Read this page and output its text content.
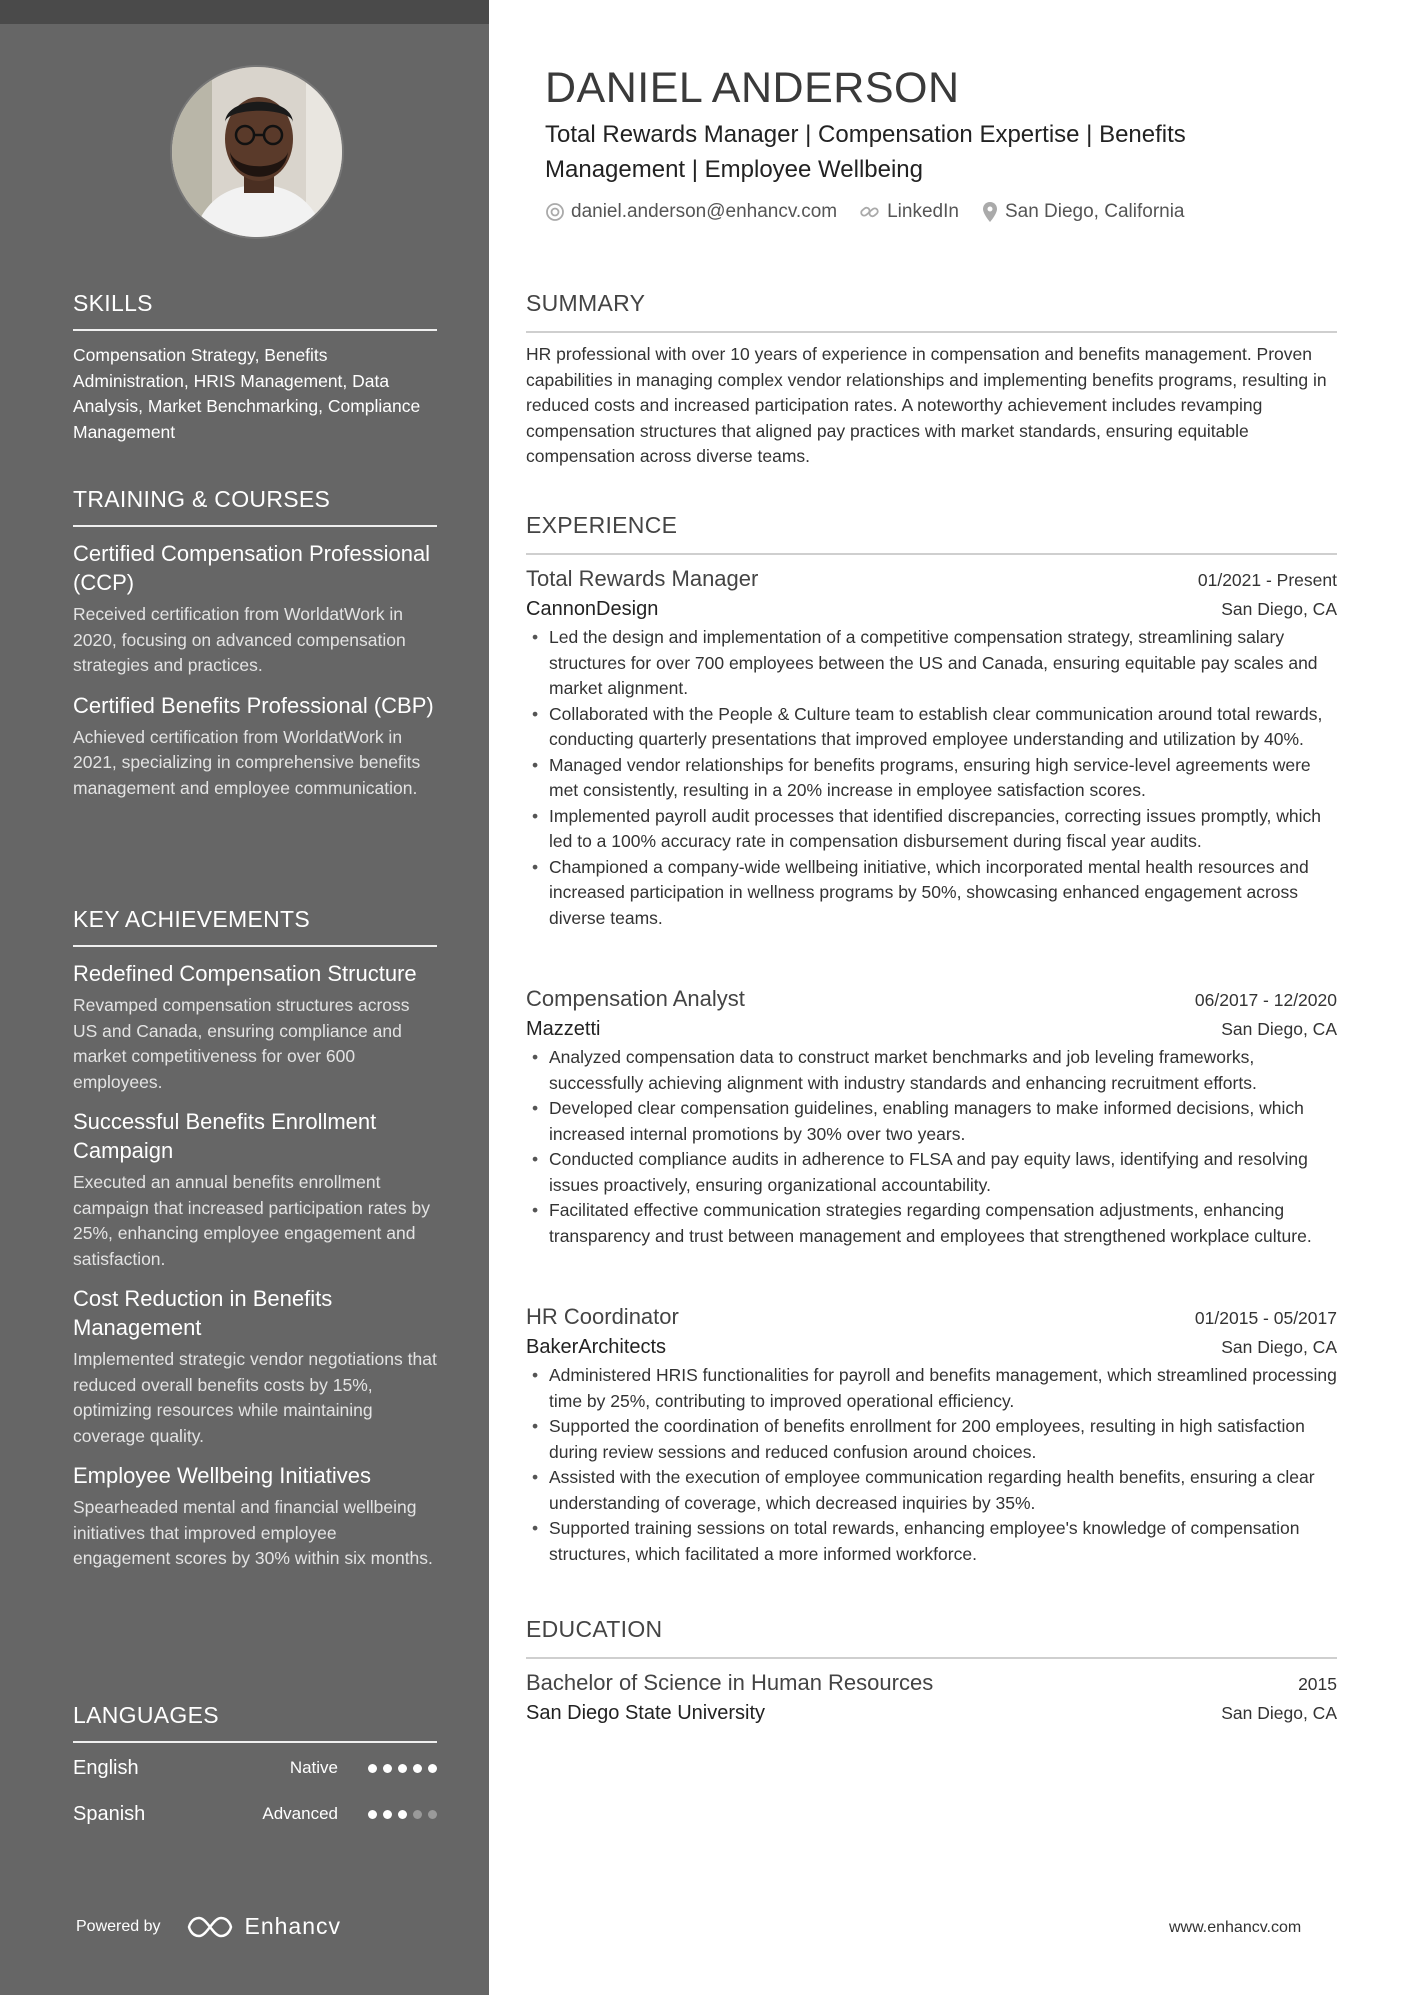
SKILLS
Compensation Strategy, Benefits Administration, HRIS Management, Data Analysis, Market Benchmarking, Compliance Management
TRAINING & COURSES
Certified Compensation Professional (CCP)
Received certification from WorldatWork in 2020, focusing on advanced compensation strategies and practices.
Certified Benefits Professional (CBP)
Achieved certification from WorldatWork in 2021, specializing in comprehensive benefits management and employee communication.
KEY ACHIEVEMENTS
Redefined Compensation Structure
Revamped compensation structures across US and Canada, ensuring compliance and market competitiveness for over 600 employees.
Successful Benefits Enrollment Campaign
Executed an annual benefits enrollment campaign that increased participation rates by 25%, enhancing employee engagement and satisfaction.
Cost Reduction in Benefits Management
Implemented strategic vendor negotiations that reduced overall benefits costs by 15%, optimizing resources while maintaining coverage quality.
Employee Wellbeing Initiatives
Spearheaded mental and financial wellbeing initiatives that improved employee engagement scores by 30% within six months.
LANGUAGES
English	Native
Spanish	Advanced
Powered by	Enhancv
DANIEL ANDERSON
Total Rewards Manager | Compensation Expertise | Benefits Management | Employee Wellbeing
daniel.anderson@enhancv.com	LinkedIn San Diego, California
SUMMARY
HR professional with over 10 years of experience in compensation and benefits management. Proven capabilities in managing complex vendor relationships and implementing benefits programs, resulting in reduced costs and increased participation rates. A noteworthy achievement includes revamping compensation structures that aligned pay practices with market standards, ensuring equitable compensation across diverse teams.
EXPERIENCE
Total Rewards Manager	01/2021 - Present
CannonDesign	San Diego, CA
• Led the design and implementation of a competitive compensation strategy, streamlining salary structures for over 700 employees between the US and Canada, ensuring equitable pay scales and market alignment.
• Collaborated with the People & Culture team to establish clear communication around total rewards, conducting quarterly presentations that improved employee understanding and utilization by 40%.
• Managed vendor relationships for benefits programs, ensuring high service-level agreements were met consistently, resulting in a 20% increase in employee satisfaction scores.
• Implemented payroll audit processes that identified discrepancies, correcting issues promptly, which led to a 100% accuracy rate in compensation disbursement during fiscal year audits.
• Championed a company-wide wellbeing initiative, which incorporated mental health resources and increased participation in wellness programs by 50%, showcasing enhanced engagement across diverse teams.
Compensation Analyst	06/2017 - 12/2020
Mazzetti	San Diego, CA
• Analyzed compensation data to construct market benchmarks and job leveling frameworks, successfully achieving alignment with industry standards and enhancing recruitment efforts.
• Developed clear compensation guidelines, enabling managers to make informed decisions, which increased internal promotions by 30% over two years.
• Conducted compliance audits in adherence to FLSA and pay equity laws, identifying and resolving issues proactively, ensuring organizational accountability.
• Facilitated effective communication strategies regarding compensation adjustments, enhancing transparency and trust between management and employees that strengthened workplace culture.
HR Coordinator	01/2015 - 05/2017
BakerArchitects	San Diego, CA
• Administered HRIS functionalities for payroll and benefits management, which streamlined processing time by 25%, contributing to improved operational efficiency.
• Supported the coordination of benefits enrollment for 200 employees, resulting in high satisfaction during review sessions and reduced confusion around choices.
• Assisted with the execution of employee communication regarding health benefits, ensuring a clear understanding of coverage, which decreased inquiries by 35%.
• Supported training sessions on total rewards, enhancing employee's knowledge of compensation structures, which facilitated a more informed workforce.
EDUCATION
Bachelor of Science in Human Resources	2015
San Diego State University	San Diego, CA
www.enhancv.com
